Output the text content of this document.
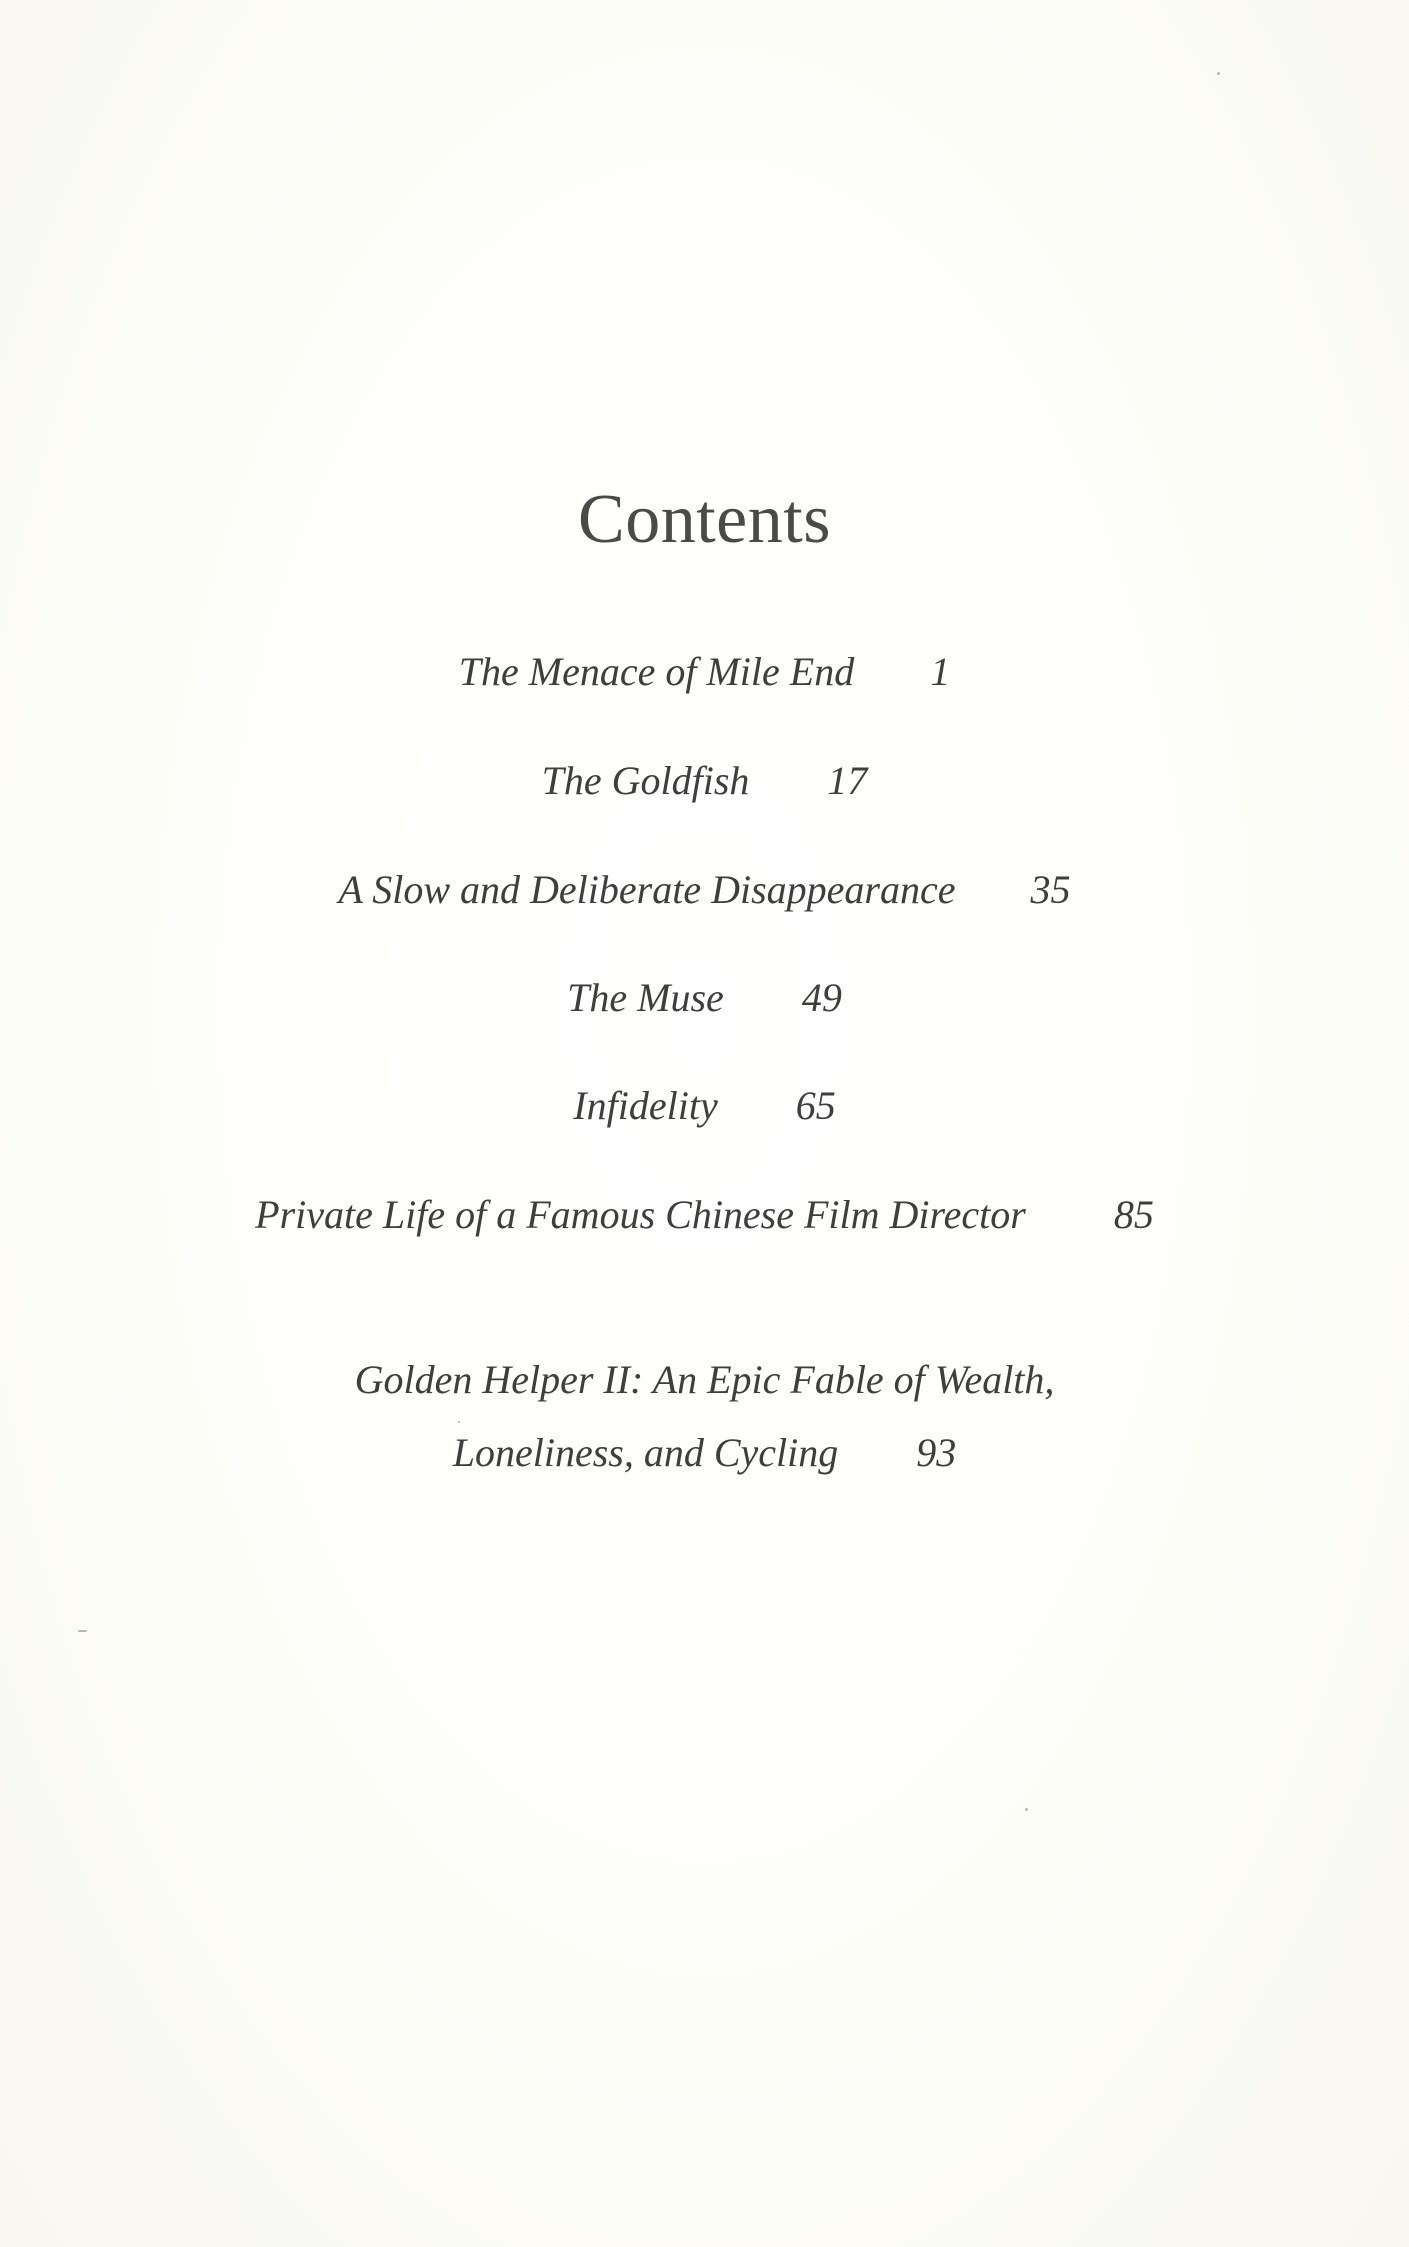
Contents
The Menace of Mile End 1
The Goldfish 17
A Slow and Deliberate Disappearance 35
The Muse 49
Infidelity 65
Private Life of a Famous Chinese Film Director 85
Golden Helper II: An Epic Fable of Wealth,
Loneliness, and Cycling 93
